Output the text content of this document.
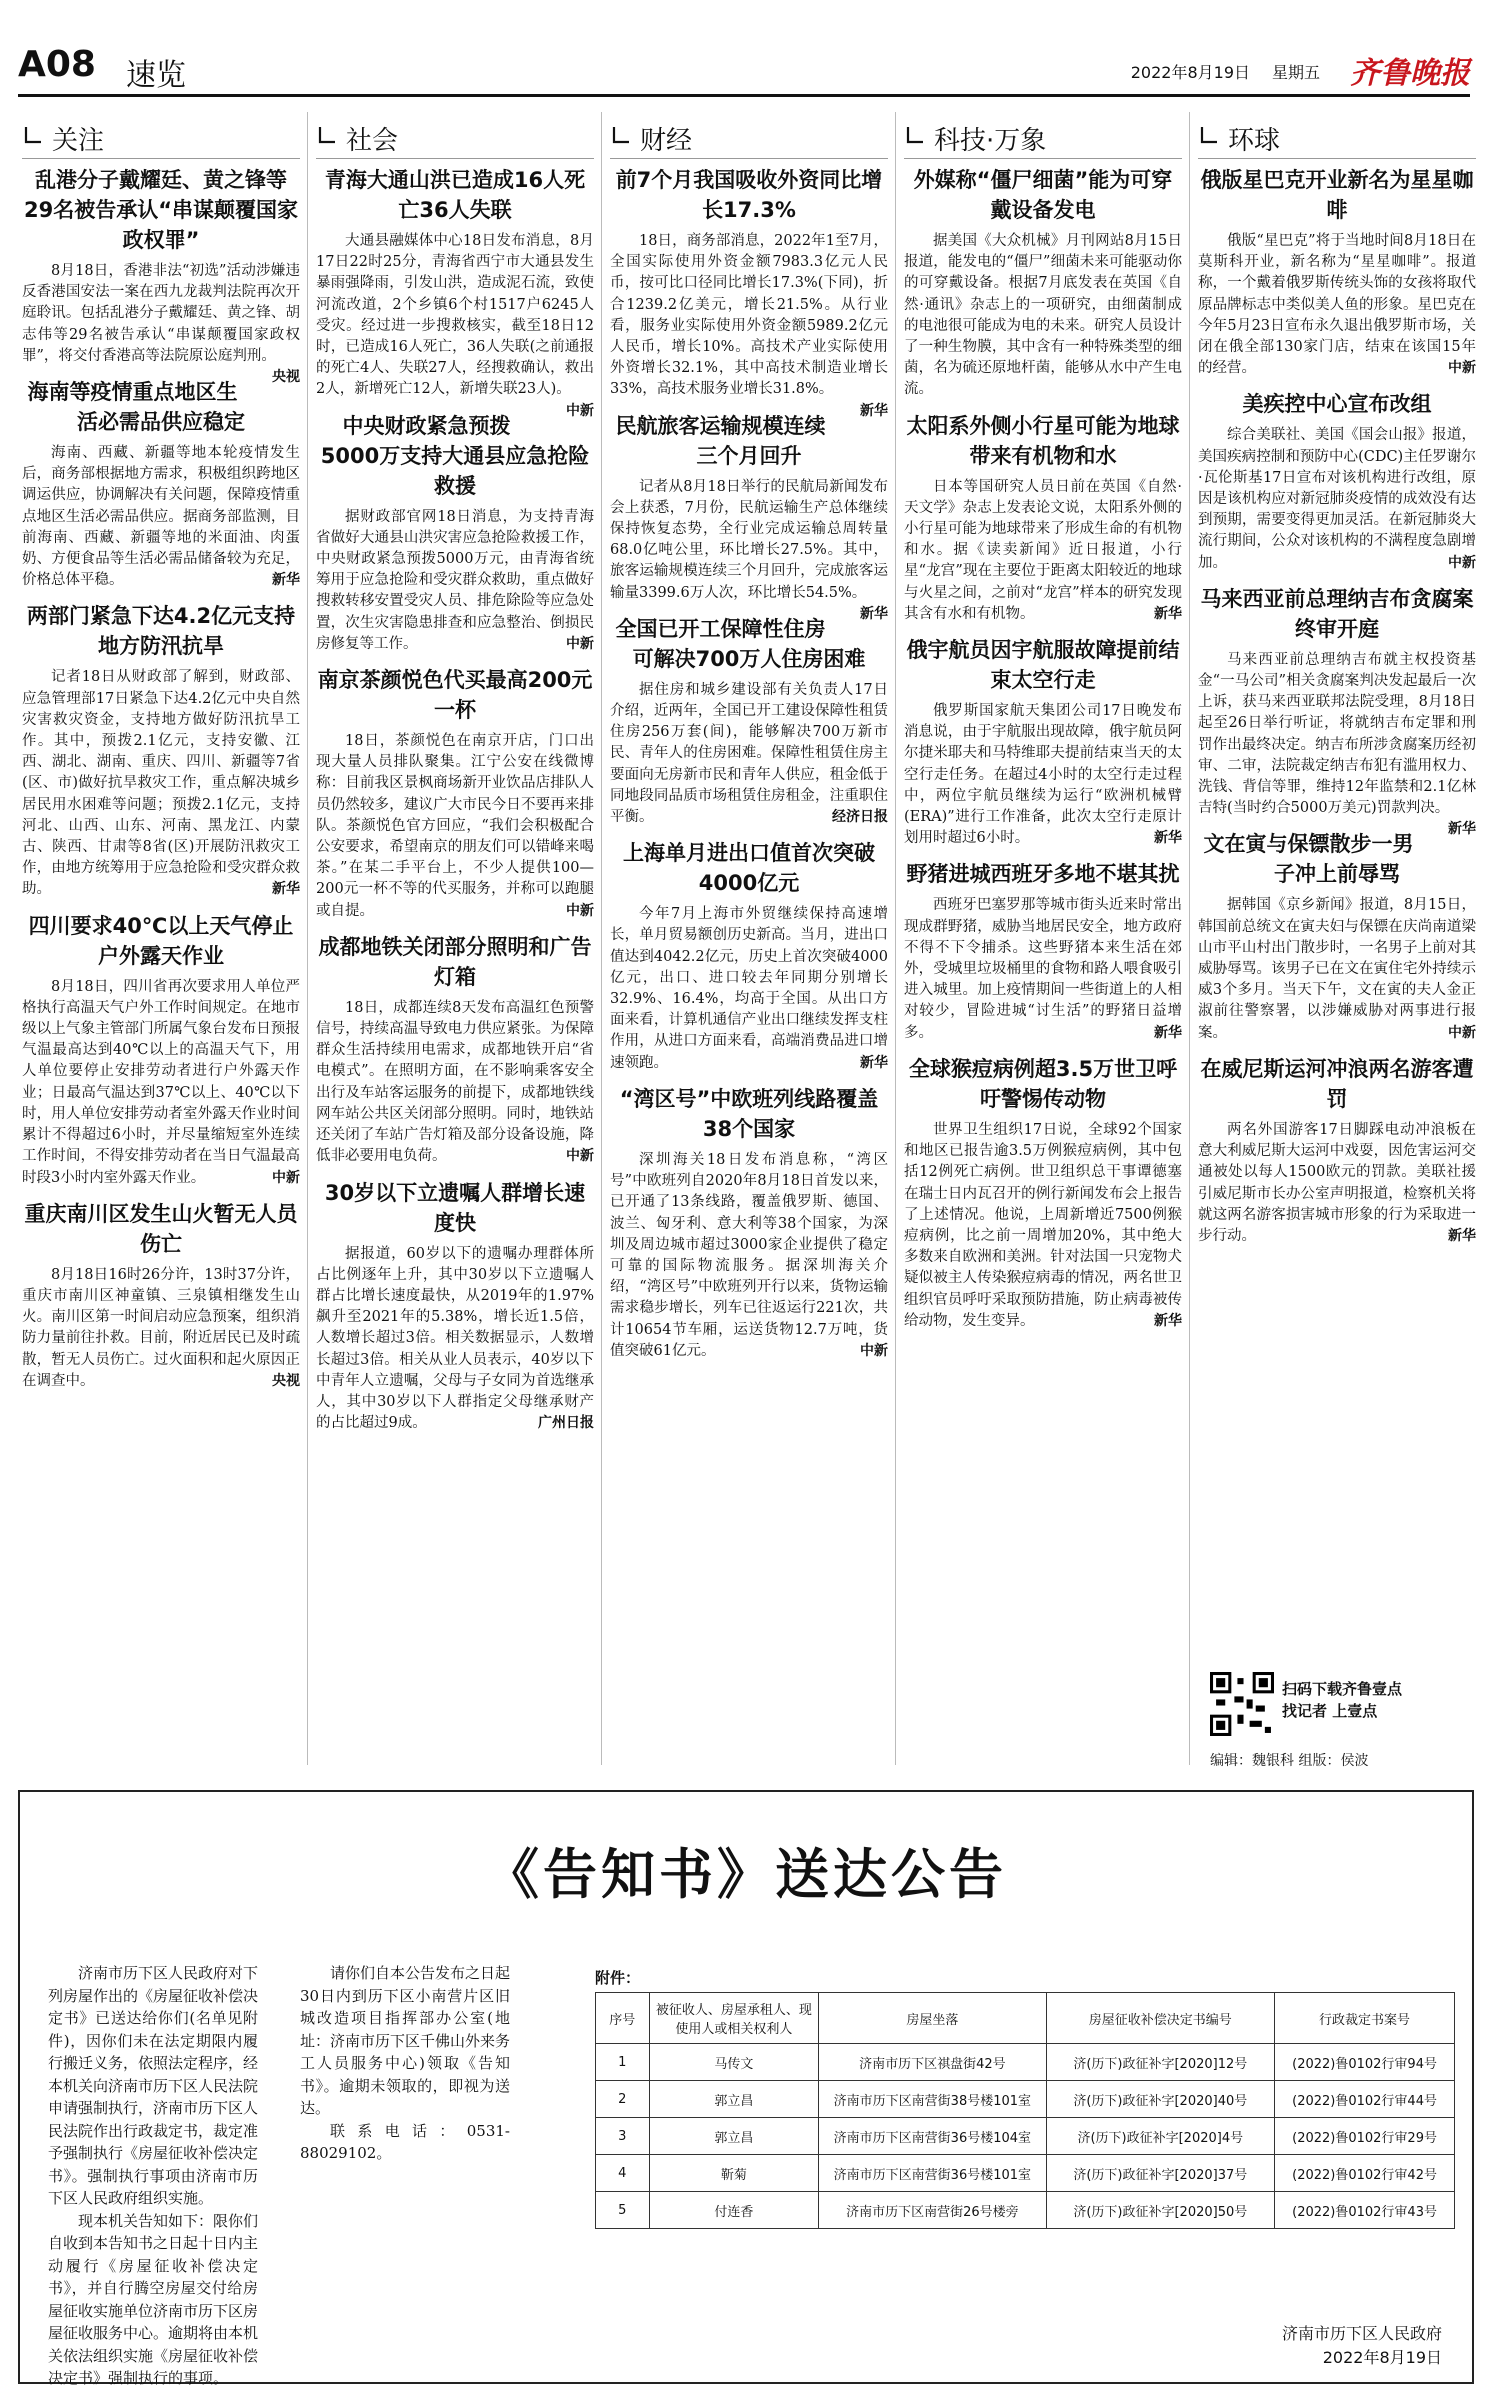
A08 速览	2022年8月19日 星期五 齐鲁晚报
关注
乱港分子戴耀廷、黄之锋等29名被告承认“串谋颠覆国家政权罪”

8月18日，香港非法“初选”活动涉嫌违反香港国安法一案在西九龙裁判法院再次开庭聆讯。包括乱港分子戴耀廷、黄之锋、胡志伟等29名被告承认“串谋颠覆国家政权罪”，将交付香港高等法院原讼庭判刑。
央视

海南等疫情重点地区生活必需品供应稳定

海南、西藏、新疆等地本轮疫情发生后，商务部根据地方需求，积极组织跨地区调运供应，协调解决有关问题，保障疫情重点地区生活必需品供应。据商务部监测，目前海南、西藏、新疆等地的米面油、肉蛋奶、方便食品等生活必需品储备较为充足，价格总体平稳。	新华

两部门紧急下达4.2亿元支持地方防汛抗旱

记者18日从财政部了解到，财政部、应急管理部17日紧急下达4.2亿元中央自然灾害救灾资金，支持地方做好防汛抗旱工作。其中，预拨2.1亿元，支持安徽、江西、湖北、湖南、重庆、四川、新疆等7省(区、市)做好抗旱救灾工作，重点解决城乡居民用水困难等问题；预拨2.1亿元，支持河北、山西、山东、河南、黑龙江、内蒙古、陕西、甘肃等8省(区)开展防汛救灾工作，由地方统筹用于应急抢险和受灾群众救助。	新华

四川要求40℃以上天气停止户外露天作业

8月18日，四川省再次要求用人单位严格执行高温天气户外工作时间规定。在地市级以上气象主管部门所属气象台发布日预报气温最高达到40℃以上的高温天气下，用人单位要停止安排劳动者进行户外露天作业；日最高气温达到37℃以上、40℃以下时，用人单位安排劳动者室外露天作业时间累计不得超过6小时，并尽量缩短室外连续工作时间，不得安排劳动者在当日气温最高时段3小时内室外露天作业。	中新

重庆南川区发生山火暂无人员伤亡

8月18日16时26分许，13时37分许，重庆市南川区神童镇、三泉镇相继发生山火。南川区第一时间启动应急预案，组织消防力量前往扑救。目前，附近居民已及时疏散，暂无人员伤亡。过火面积和起火原因正在调查中。	央视

社会
青海大通山洪已造成16人死亡36人失联

大通县融媒体中心18日发布消息，8月17日22时25分，青海省西宁市大通县发生暴雨强降雨，引发山洪，造成泥石流，致使河流改道，2个乡镇6个村1517户6245人受灾。经过进一步搜救核实，截至18日12时，已造成16人死亡，36人失联(之前通报的死亡4人、失联27人，经搜救确认，救出2人，新增死亡12人，新增失联23人)。
中新

中央财政紧急预拨5000万支持大通县应急抢险救援

据财政部官网18日消息，为支持青海省做好大通县山洪灾害应急抢险救援工作，中央财政紧急预拨5000万元，由青海省统筹用于应急抢险和受灾群众救助，重点做好搜救转移安置受灾人员、排危除险等应急处置，次生灾害隐患排查和应急整治、倒损民房修复等工作。	中新

南京茶颜悦色代买最高200元一杯

18日，茶颜悦色在南京开店，门口出现大量人员排队聚集。江宁公安在线微博称：目前我区景枫商场新开业饮品店排队人员仍然较多，建议广大市民今日不要再来排队。茶颜悦色官方回应，“我们会积极配合公安要求，希望南京的朋友们可以错峰来喝茶。”在某二手平台上，不少人提供100—200元一杯不等的代买服务，并称可以跑腿或自提。	中新

成都地铁关闭部分照明和广告灯箱

18日，成都连续8天发布高温红色预警信号，持续高温导致电力供应紧张。为保障群众生活持续用电需求，成都地铁开启“省电模式”。在照明方面，在不影响乘客安全出行及车站客运服务的前提下，成都地铁线网车站公共区关闭部分照明。同时，地铁站还关闭了车站广告灯箱及部分设备设施，降低非必要用电负荷。	中新

30岁以下立遗嘱人群增长速度快

据报道，60岁以下的遗嘱办理群体所占比例逐年上升，其中30岁以下立遗嘱人群占比增长速度最快，从2019年的1.97%飙升至2021年的5.38%，增长近1.5倍，人数增长超过3倍。相关数据显示，人数增长超过3倍。相关从业人员表示，40岁以下中青年人立遗嘱，父母与子女同为首选继承人，其中30岁以下人群指定父母继承财产的占比超过9成。	广州日报

财经
前7个月我国吸收外资同比增长17.3%

18日，商务部消息，2022年1至7月，全国实际使用外资金额7983.3亿元人民币，按可比口径同比增长17.3%(下同)，折合1239.2亿美元，增长21.5%。从行业看，服务业实际使用外资金额5989.2亿元人民币，增长10%。高技术产业实际使用外资增长32.1%，其中高技术制造业增长33%，高技术服务业增长31.8%。
新华

民航旅客运输规模连续三个月回升

记者从8月18日举行的民航局新闻发布会上获悉，7月份，民航运输生产总体继续保持恢复态势，全行业完成运输总周转量68.0亿吨公里，环比增长27.5%。其中，旅客运输规模连续三个月回升，完成旅客运输量3399.6万人次，环比增长54.5%。
新华

全国已开工保障性住房可解决700万人住房困难

据住房和城乡建设部有关负责人17日介绍，近两年，全国已开工建设保障性租赁住房256万套(间)，能够解决700万新市民、青年人的住房困难。保障性租赁住房主要面向无房新市民和青年人供应，租金低于同地段同品质市场租赁住房租金，注重职住平衡。	经济日报

上海单月进出口值首次突破4000亿元

今年7月上海市外贸继续保持高速增长，单月贸易额创历史新高。当月，进出口值达到4042.2亿元，历史上首次突破4000亿元，出口、进口较去年同期分别增长32.9%、16.4%，均高于全国。从出口方面来看，计算机通信产业出口继续发挥支柱作用，从进口方面来看，高端消费品进口增速领跑。	新华

“湾区号”中欧班列线路覆盖38个国家

深圳海关18日发布消息称，“湾区号”中欧班列自2020年8月18日首发以来，已开通了13条线路，覆盖俄罗斯、德国、波兰、匈牙利、意大利等38个国家，为深圳及周边城市超过3000家企业提供了稳定可靠的国际物流服务。据深圳海关介绍，“湾区号”中欧班列开行以来，货物运输需求稳步增长，列车已往返运行221次，共计10654节车厢，运送货物12.7万吨，货值突破61亿元。	中新

科技·万象
外媒称“僵尸细菌”能为可穿戴设备发电

据美国《大众机械》月刊网站8月15日报道，能发电的“僵尸”细菌未来可能驱动你的可穿戴设备。根据7月底发表在英国《自然·通讯》杂志上的一项研究，由细菌制成的电池很可能成为电的未来。研究人员设计了一种生物膜，其中含有一种特殊类型的细菌，名为硫还原地杆菌，能够从水中产生电流。

太阳系外侧小行星可能为地球带来有机物和水

日本等国研究人员日前在英国《自然·天文学》杂志上发表论文说，太阳系外侧的小行星可能为地球带来了形成生命的有机物和水。据《读卖新闻》近日报道，小行星“龙宫”现在主要位于距离太阳较近的地球与火星之间，之前对“龙宫”样本的研究发现其含有水和有机物。	新华

俄宇航员因宇航服故障提前结束太空行走

俄罗斯国家航天集团公司17日晚发布消息说，由于宇航服出现故障，俄宇航员阿尔捷米耶夫和马特维耶夫提前结束当天的太空行走任务。在超过4小时的太空行走过程中，两位宇航员继续为运行“欧洲机械臂(ERA)”进行工作准备，此次太空行走原计划用时超过6小时。	新华

野猪进城西班牙多地不堪其扰

西班牙巴塞罗那等城市街头近来时常出现成群野猪，威胁当地居民安全，地方政府不得不下令捕杀。这些野猪本来生活在郊外，受城里垃圾桶里的食物和路人喂食吸引进入城里。加上疫情期间一些街道上的人相对较少，冒险进城“讨生活”的野猪日益增多。	新华

全球猴痘病例超3.5万世卫呼吁警惕传动物

世界卫生组织17日说，全球92个国家和地区已报告逾3.5万例猴痘病例，其中包括12例死亡病例。世卫组织总干事谭德塞在瑞士日内瓦召开的例行新闻发布会上报告了上述情况。他说，上周新增近7500例猴痘病例，比之前一周增加20%，其中绝大多数来自欧洲和美洲。针对法国一只宠物犬疑似被主人传染猴痘病毒的情况，两名世卫组织官员呼吁采取预防措施，防止病毒被传给动物，发生变异。	新华

环球
俄版星巴克开业新名为星星咖啡

俄版“星巴克”将于当地时间8月18日在莫斯科开业，新名称为“星星咖啡”。报道称，一个戴着俄罗斯传统头饰的女孩将取代原品牌标志中类似美人鱼的形象。星巴克在今年5月23日宣布永久退出俄罗斯市场，关闭在俄全部130家门店，结束在该国15年的经营。	中新

美疾控中心宣布改组

综合美联社、美国《国会山报》报道，美国疾病控制和预防中心(CDC)主任罗谢尔·瓦伦斯基17日宣布对该机构进行改组，原因是该机构应对新冠肺炎疫情的成效没有达到预期，需要变得更加灵活。在新冠肺炎大流行期间，公众对该机构的不满程度急剧增加。	中新

马来西亚前总理纳吉布贪腐案终审开庭

马来西亚前总理纳吉布就主权投资基金“一马公司”相关贪腐案判决发起最后一次上诉，获马来西亚联邦法院受理，8月18日起至26日举行听证，将就纳吉布定罪和刑罚作出最终决定。纳吉布所涉贪腐案历经初审、二审，法院裁定纳吉布犯有滥用权力、洗钱、背信等罪，维持12年监禁和2.1亿林吉特(当时约合5000万美元)罚款判决。
新华

文在寅与保镖散步一男子冲上前辱骂

据韩国《京乡新闻》报道，8月15日，韩国前总统文在寅夫妇与保镖在庆尚南道梁山市平山村出门散步时，一名男子上前对其威胁辱骂。该男子已在文在寅住宅外持续示威3个多月。当天下午，文在寅的夫人金正淑前往警察署，以涉嫌威胁对两事进行报案。	中新

在威尼斯运河冲浪两名游客遭罚

两名外国游客17日脚踩电动冲浪板在意大利威尼斯大运河中戏耍，因危害运河交通被处以每人1500欧元的罚款。美联社援引威尼斯市长办公室声明报道，检察机关将就这两名游客损害城市形象的行为采取进一步行动。	新华

扫码下载齐鲁壹点
找记者 上壹点
编辑：魏银科 组版：侯波
《告知书》送达公告

济南市历下区人民政府对下列房屋作出的《房屋征收补偿决定书》已送达给你们(名单见附件)，因你们未在法定期限内履行搬迁义务，依照法定程序，经本机关向济南市历下区人民法院申请强制执行，济南市历下区人民法院作出行政裁定书，裁定准予强制执行《房屋征收补偿决定书》。强制执行事项由济南市历下区人民政府组织实施。

现本机关告知如下：限你们自收到本告知书之日起十日内主动履行《房屋征收补偿决定书》，并自行腾空房屋交付给房屋征收实施单位济南市历下区房屋征收服务中心。逾期将由本机关依法组织实施《房屋征收补偿决定书》强制执行的事项。

请你们自本公告发布之日起30日内到历下区小南营片区旧城改造项目指挥部办公室(地址：济南市历下区千佛山外来务工人员服务中心)领取《告知书》。逾期未领取的，即视为送达。

联系电话：0531-88029102。

附件：
序号	被征收人、房屋承租人、现使用人或相关权利人	房屋坐落	房屋征收补偿决定书编号	行政裁定书案号
1	马传文	济南市历下区祺盘街42号	济(历下)政征补字[2020]12号	(2022)鲁0102行审94号
2	郭立昌	济南市历下区南营街38号楼101室	济(历下)政征补字[2020]40号	(2022)鲁0102行审44号
3	郭立昌	济南市历下区南营街36号楼104室	济(历下)政征补字[2020]4号	(2022)鲁0102行审29号
4	靳菊	济南市历下区南营街36号楼101室	济(历下)政征补字[2020]37号	(2022)鲁0102行审42号
5	付连香	济南市历下区南营街26号楼旁	济(历下)政征补字[2020]50号	(2022)鲁0102行审43号
济南市历下区人民政府
2022年8月19日
